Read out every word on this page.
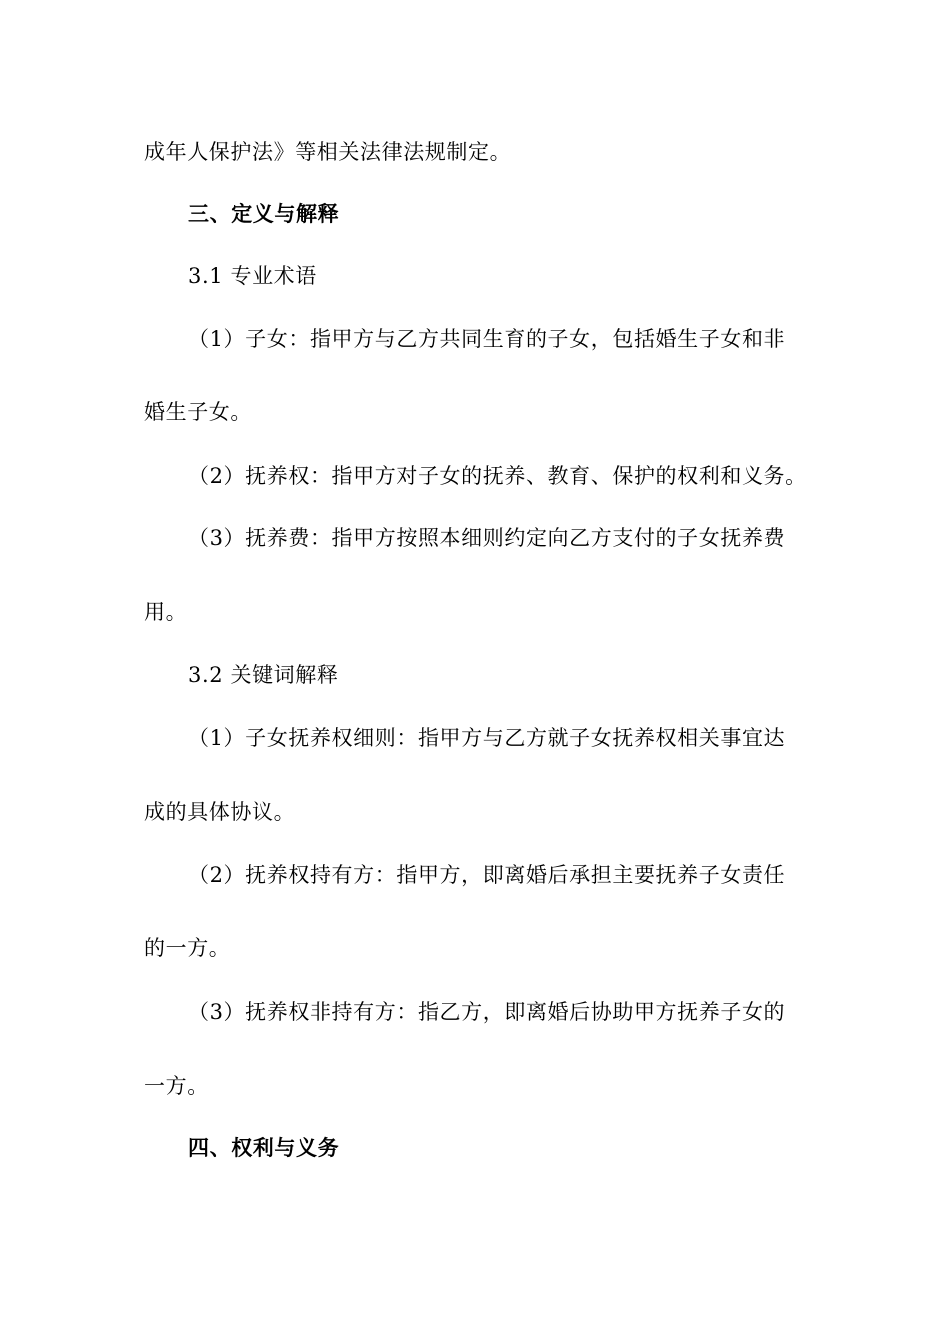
成年人保护法》等相关法律法规制定。

三、定义与解释

3.1 专业术语

（1）子女：指甲方与乙方共同生育的子女，包括婚生子女和非

婚生子女。

（2）抚养权：指甲方对子女的抚养、教育、保护的权利和义务。

（3）抚养费：指甲方按照本细则约定向乙方支付的子女抚养费

用。

3.2 关键词解释

（1）子女抚养权细则：指甲方与乙方就子女抚养权相关事宜达

成的具体协议。

（2）抚养权持有方：指甲方，即离婚后承担主要抚养子女责任

的一方。

（3）抚养权非持有方：指乙方，即离婚后协助甲方抚养子女的

一方。

四、权利与义务
